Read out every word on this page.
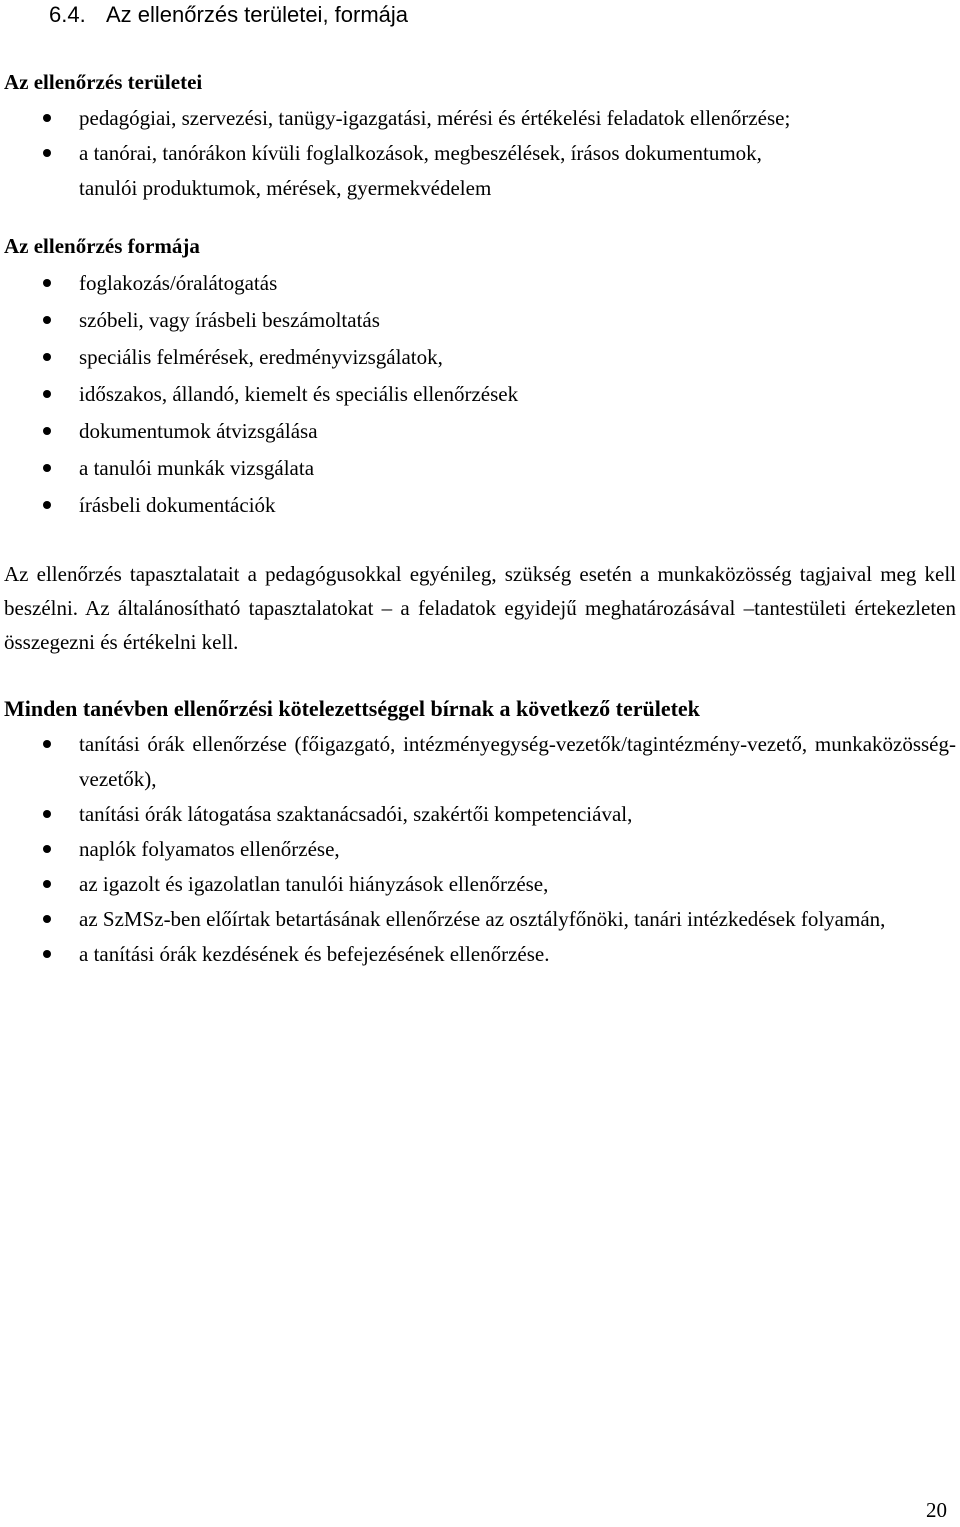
6.4. Az ellenőrzés területei, formája
Az ellenőrzés területei
pedagógiai, szervezési, tanügy-igazgatási, mérési és értékelési feladatok ellenőrzése;
a tanórai, tanórákon kívüli foglalkozások, megbeszélések, írásos dokumentumok, tanulói produktumok, mérések, gyermekvédelem
Az ellenőrzés formája
foglakozás/óralátogatás
szóbeli, vagy írásbeli beszámoltatás
speciális felmérések, eredményvizsgálatok,
időszakos, állandó, kiemelt és speciális ellenőrzések
dokumentumok átvizsgálása
a tanulói munkák vizsgálata
írásbeli dokumentációk

Az ellenőrzés tapasztalatait a pedagógusokkal egyénileg, szükség esetén a munkaközösség tagjaival meg kell beszélni. Az általánosítható tapasztalatokat – a feladatok egyidejű meghatározásával –tantestületi értekezleten összegezni és értékelni kell.

Minden tanévben ellenőrzési kötelezettséggel bírnak a következő területek
tanítási órák ellenőrzése (főigazgató, intézményegység-vezetők/tagintézmény-vezető, munkaközösség-vezetők),
tanítási órák látogatása szaktanácsadói, szakértői kompetenciával,
naplók folyamatos ellenőrzése,
az igazolt és igazolatlan tanulói hiányzások ellenőrzése,
az SzMSz-ben előírtak betartásának ellenőrzése az osztályfőnöki, tanári intézkedések folyamán,
a tanítási órák kezdésének és befejezésének ellenőrzése.
20
